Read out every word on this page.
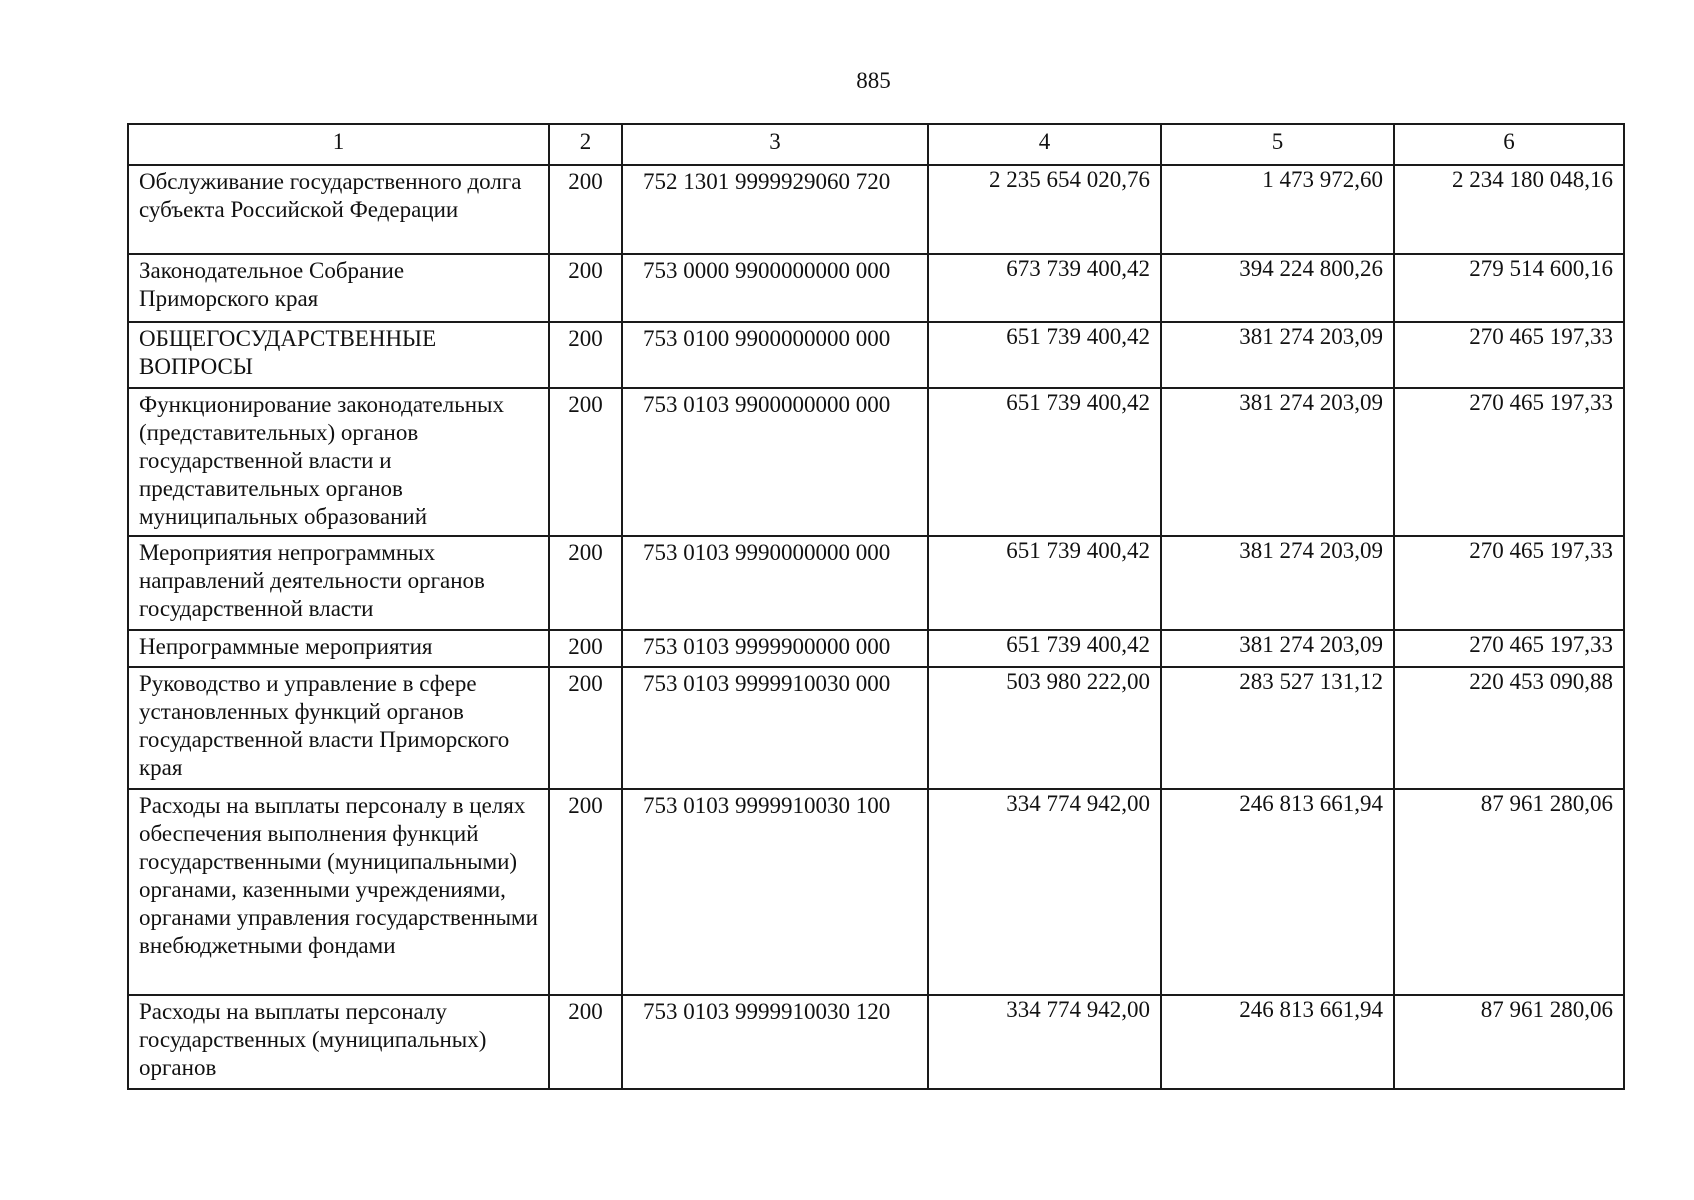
885
1	2	3	4	5	6
Обслуживание государственного долга субъекта Российской Федерации	200	752 1301 9999929060 720	2 235 654 020,76	1 473 972,60	2 234 180 048,16
Законодательное Собрание Приморского края	200	753 0000 9900000000 000	673 739 400,42	394 224 800,26	279 514 600,16
ОБЩЕГОСУДАРСТВЕННЫЕ ВОПРОСЫ	200	753 0100 9900000000 000	651 739 400,42	381 274 203,09	270 465 197,33
Функционирование законодательных (представительных) органов государственной власти и представительных органов муниципальных образований	200	753 0103 9900000000 000	651 739 400,42	381 274 203,09	270 465 197,33
Мероприятия непрограммных направлений деятельности органов государственной власти	200	753 0103 9990000000 000	651 739 400,42	381 274 203,09	270 465 197,33
Непрограммные мероприятия	200	753 0103 9999900000 000	651 739 400,42	381 274 203,09	270 465 197,33
Руководство и управление в сфере установленных функций органов государственной власти Приморского края	200	753 0103 9999910030 000	503 980 222,00	283 527 131,12	220 453 090,88
Расходы на выплаты персоналу в целях обеспечения выполнения функций государственными (муниципальными) органами, казенными учреждениями, органами управления государственными внебюджетными фондами	200	753 0103 9999910030 100	334 774 942,00	246 813 661,94	87 961 280,06
Расходы на выплаты персоналу государственных (муниципальных) органов	200	753 0103 9999910030 120	334 774 942,00	246 813 661,94	87 961 280,06
